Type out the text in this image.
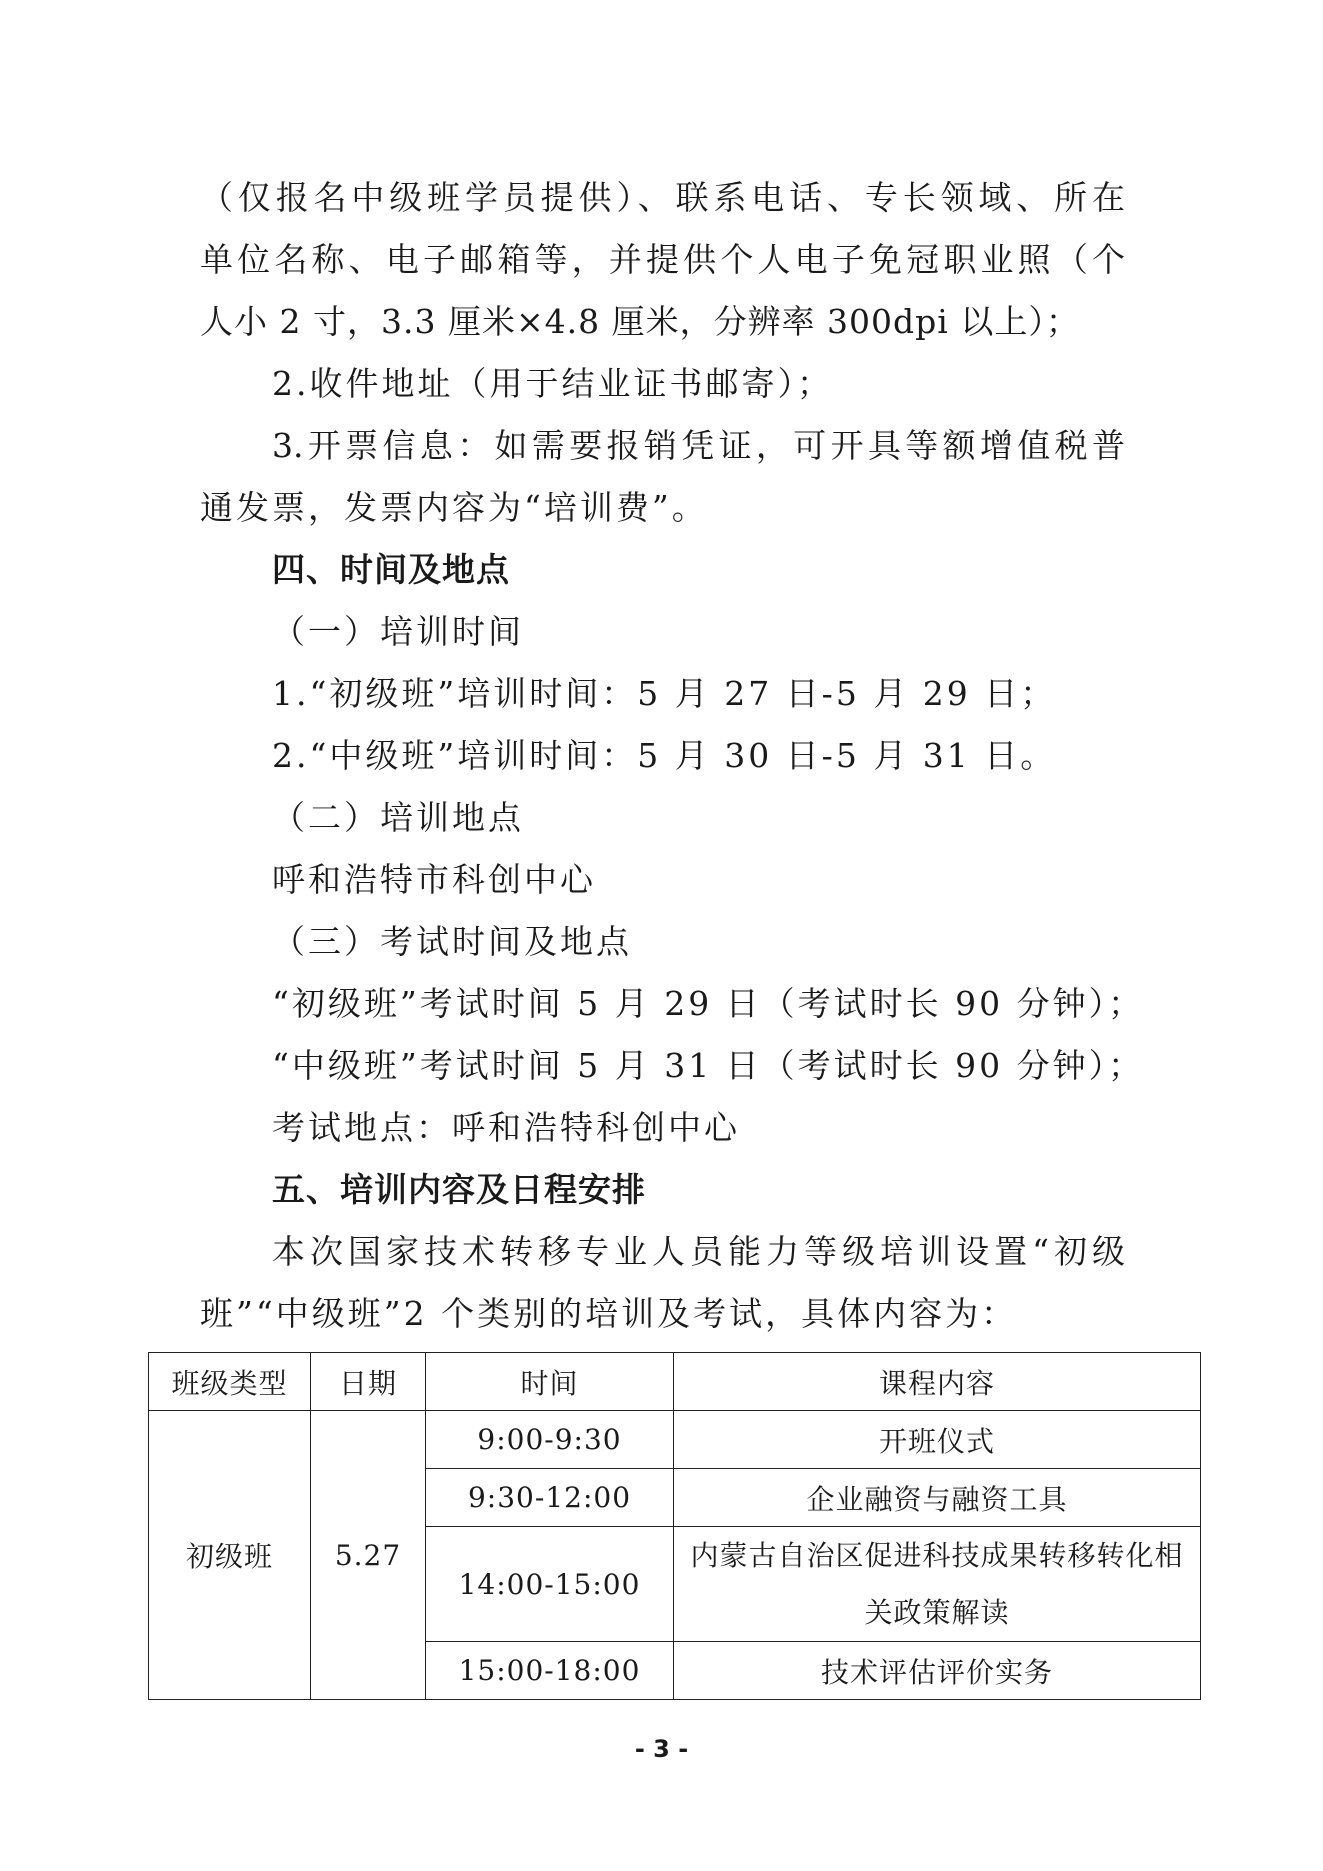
（仅报名中级班学员提供）、联系电话、专长领域、所在
单位名称、电子邮箱等，并提供个人电子免冠职业照（个
人小 2 寸，3.3 厘米×4.8 厘米，分辨率 300dpi 以上）；
2.收件地址（用于结业证书邮寄）；
3.开票信息：如需要报销凭证，可开具等额增值税普
通发票，发票内容为“培训费”。
四、时间及地点
（一）培训时间
1.“初级班”培训时间：5 月 27 日-5 月 29 日；
2.“中级班”培训时间：5 月 30 日-5 月 31 日。
（二）培训地点
呼和浩特市科创中心
（三）考试时间及地点
“初级班”考试时间 5 月 29 日（考试时长 90 分钟）；
“中级班”考试时间 5 月 31 日（考试时长 90 分钟）；
考试地点：呼和浩特科创中心
五、培训内容及日程安排
本次国家技术转移专业人员能力等级培训设置“初级
班”“中级班”2 个类别的培训及考试，具体内容为：
班级类型	日期	时间	课程内容
初级班	5.27	9:00-9:30	开班仪式
		9:30-12:00	企业融资与融资工具
		14:00-15:00	内蒙古自治区促进科技成果转移转化相关政策解读
		15:00-18:00	技术评估评价实务
- 3 -
